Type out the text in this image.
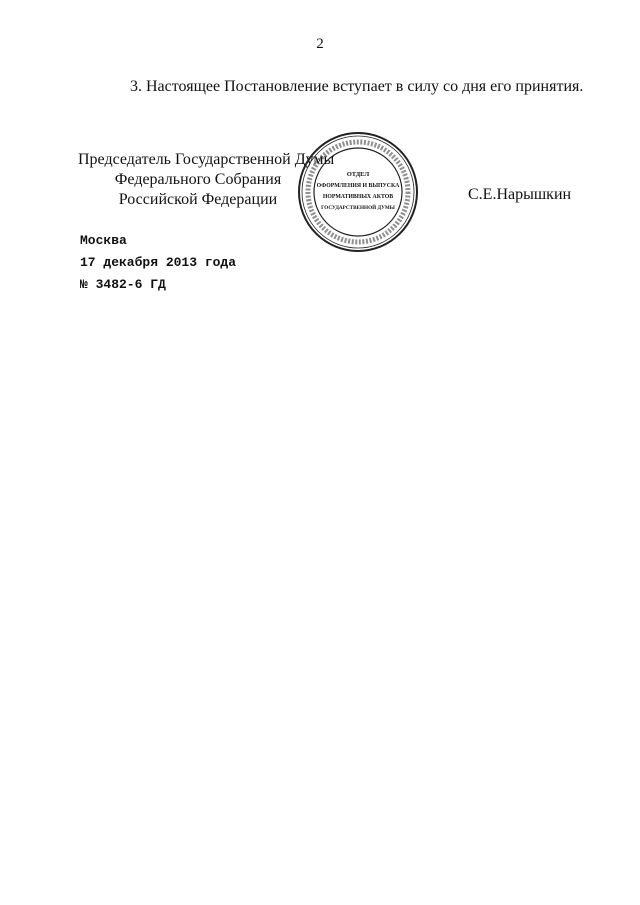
2
3. Настоящее Постановление вступает в силу со дня его принятия.
Председатель Государственной Думы
Федерального Собрания
Российской Федерации	С.Е.Нарышкин
ОТДЕЛ
ОФОРМЛЕНИЯ И ВЫПУСКА
НОРМАТИВНЫХ АКТОВ
ГОСУДАРСТВЕННОЙ ДУМЫ
Москва
17 декабря 2013 года
№ 3482-6 ГД
